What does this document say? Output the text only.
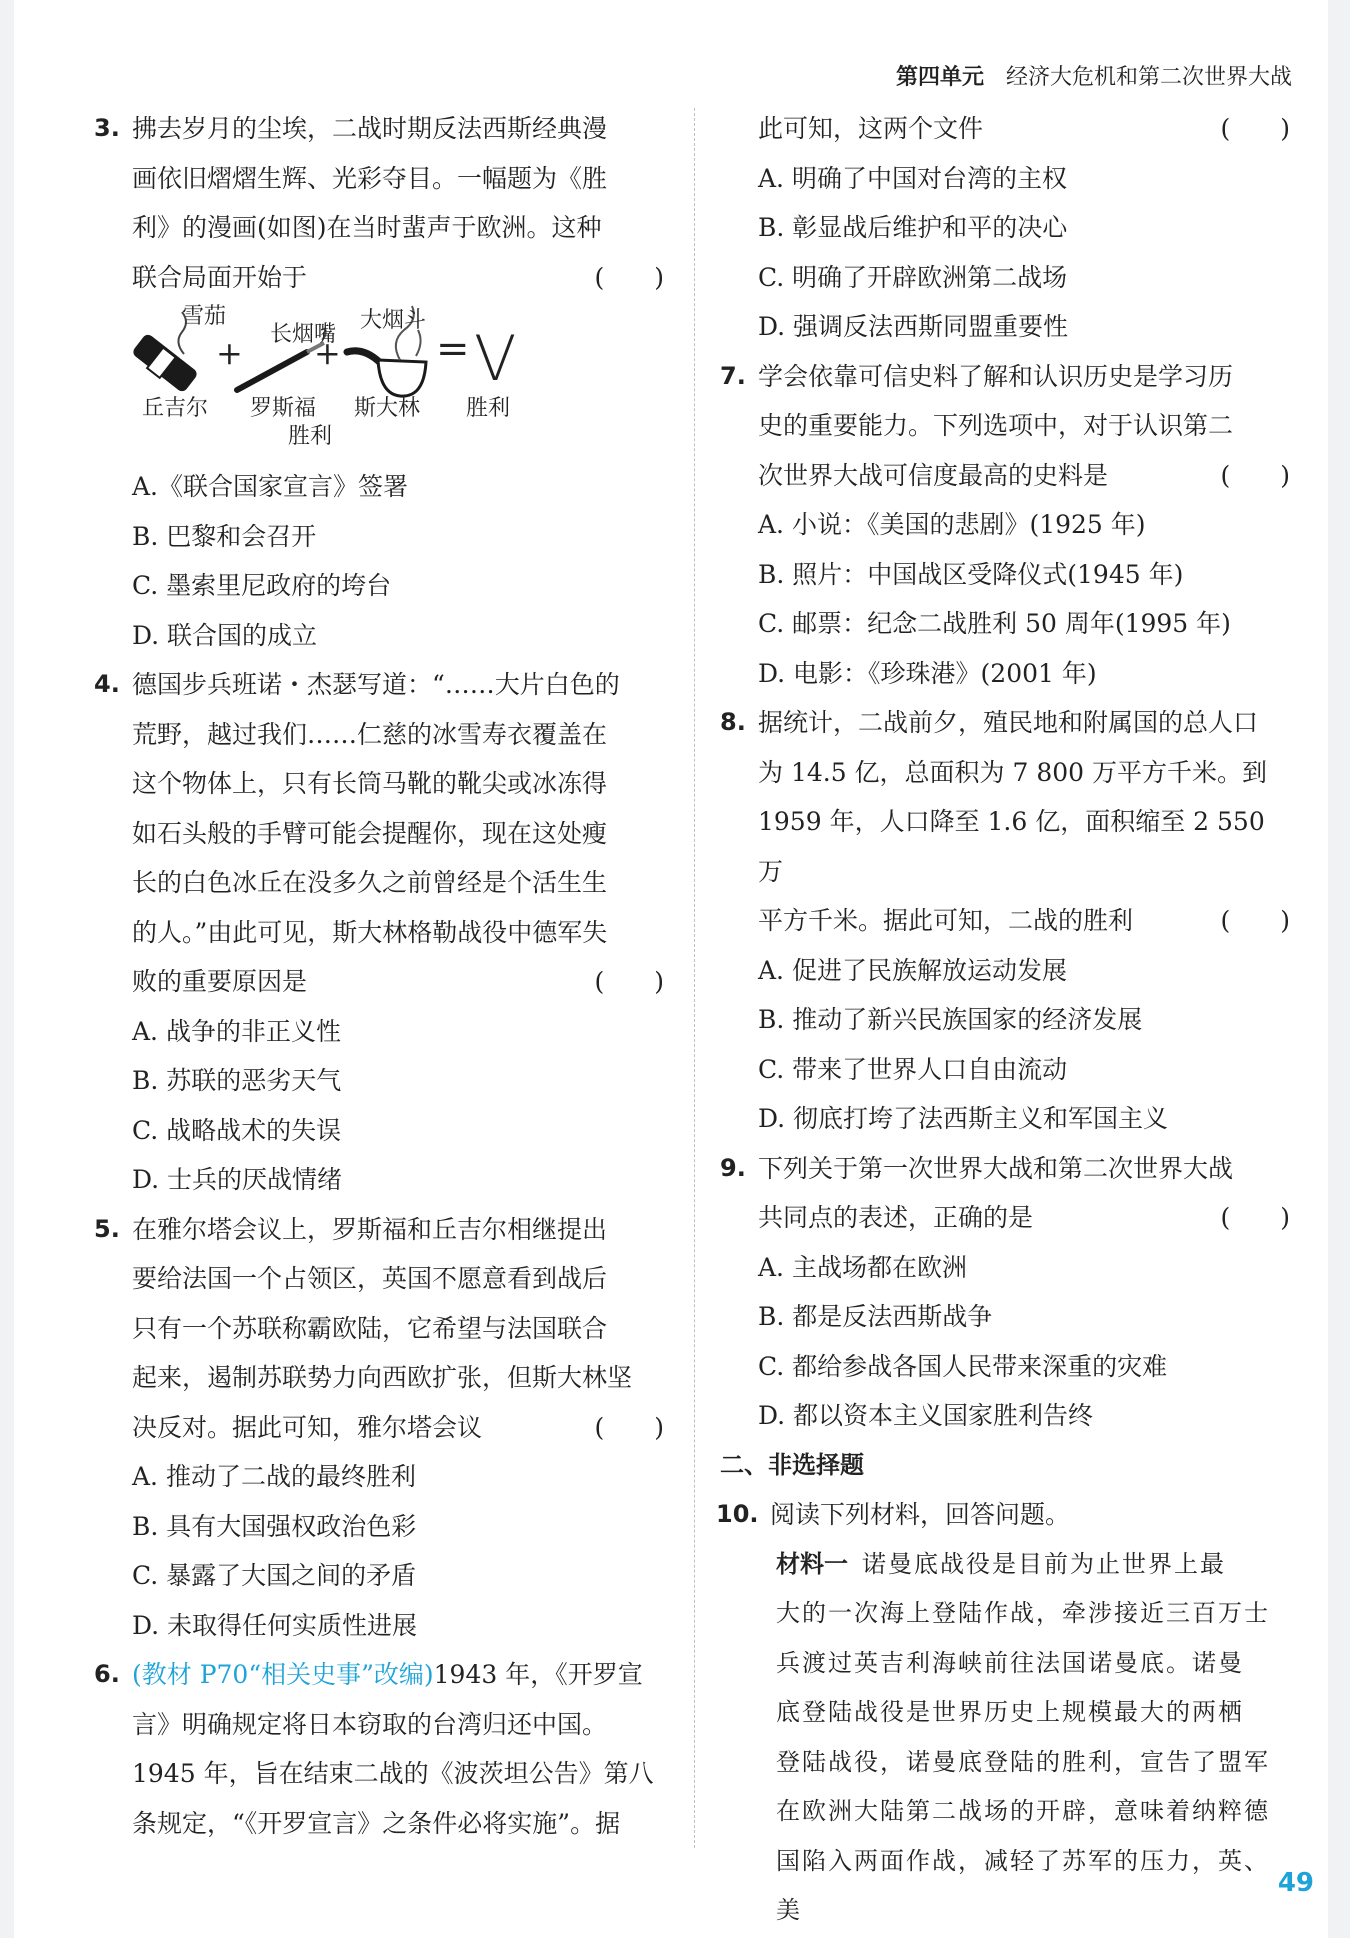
第四单元 经济大危机和第二次世界大战
3. 拂去岁月的尘埃，二战时期反法西斯经典漫
画依旧熠熠生辉、光彩夺目。一幅题为《胜
利》的漫画(如图)在当时蜚声于欧洲。这种
联合局面开始于	(　　)
雪茄
长烟嘴
大烟斗
+ + = V
丘吉尔 罗斯福 斯大林 胜利
胜利
A.《联合国家宣言》签署
B. 巴黎和会召开
C. 墨索里尼政府的垮台
D. 联合国的成立
4. 德国步兵班诺・杰瑟写道：“……大片白色的
荒野，越过我们……仁慈的冰雪寿衣覆盖在
这个物体上，只有长筒马靴的靴尖或冰冻得
如石头般的手臂可能会提醒你，现在这处瘦
长的白色冰丘在没多久之前曾经是个活生生
的人。”由此可见，斯大林格勒战役中德军失
败的重要原因是	(　　)
A. 战争的非正义性
B. 苏联的恶劣天气
C. 战略战术的失误
D. 士兵的厌战情绪
5. 在雅尔塔会议上，罗斯福和丘吉尔相继提出
要给法国一个占领区，英国不愿意看到战后
只有一个苏联称霸欧陆，它希望与法国联合
起来，遏制苏联势力向西欧扩张，但斯大林坚
决反对。据此可知，雅尔塔会议	(　　)
A. 推动了二战的最终胜利
B. 具有大国强权政治色彩
C. 暴露了大国之间的矛盾
D. 未取得任何实质性进展
6. (教材 P70“相关史事”改编)1943 年，《开罗宣
言》明确规定将日本窃取的台湾归还中国。
1945 年，旨在结束二战的《波茨坦公告》第八
条规定，“《开罗宣言》之条件必将实施”。据
此可知，这两个文件	(　　)
A. 明确了中国对台湾的主权
B. 彰显战后维护和平的决心
C. 明确了开辟欧洲第二战场
D. 强调反法西斯同盟重要性
7. 学会依靠可信史料了解和认识历史是学习历
史的重要能力。下列选项中，对于认识第二
次世界大战可信度最高的史料是	(　　)
A. 小说：《美国的悲剧》(1925 年)
B. 照片：中国战区受降仪式(1945 年)
C. 邮票：纪念二战胜利 50 周年(1995 年)
D. 电影：《珍珠港》(2001 年)
8. 据统计，二战前夕，殖民地和附属国的总人口
为 14.5 亿，总面积为 7 800 万平方千米。到
1959 年，人口降至 1.6 亿，面积缩至 2 550 万
平方千米。据此可知，二战的胜利	(　　)
A. 促进了民族解放运动发展
B. 推动了新兴民族国家的经济发展
C. 带来了世界人口自由流动
D. 彻底打垮了法西斯主义和军国主义
9. 下列关于第一次世界大战和第二次世界大战
共同点的表述，正确的是	(　　)
A. 主战场都在欧洲
B. 都是反法西斯战争
C. 都给参战各国人民带来深重的灾难
D. 都以资本主义国家胜利告终
二、非选择题
10. 阅读下列材料，回答问题。
材料一 诺曼底战役是目前为止世界上最
大的一次海上登陆作战，牵涉接近三百万士
兵渡过英吉利海峡前往法国诺曼底。诺曼
底登陆战役是世界历史上规模最大的两栖
登陆战役，诺曼底登陆的胜利，宣告了盟军
在欧洲大陆第二战场的开辟，意味着纳粹德
国陷入两面作战，减轻了苏军的压力，英、美
49
